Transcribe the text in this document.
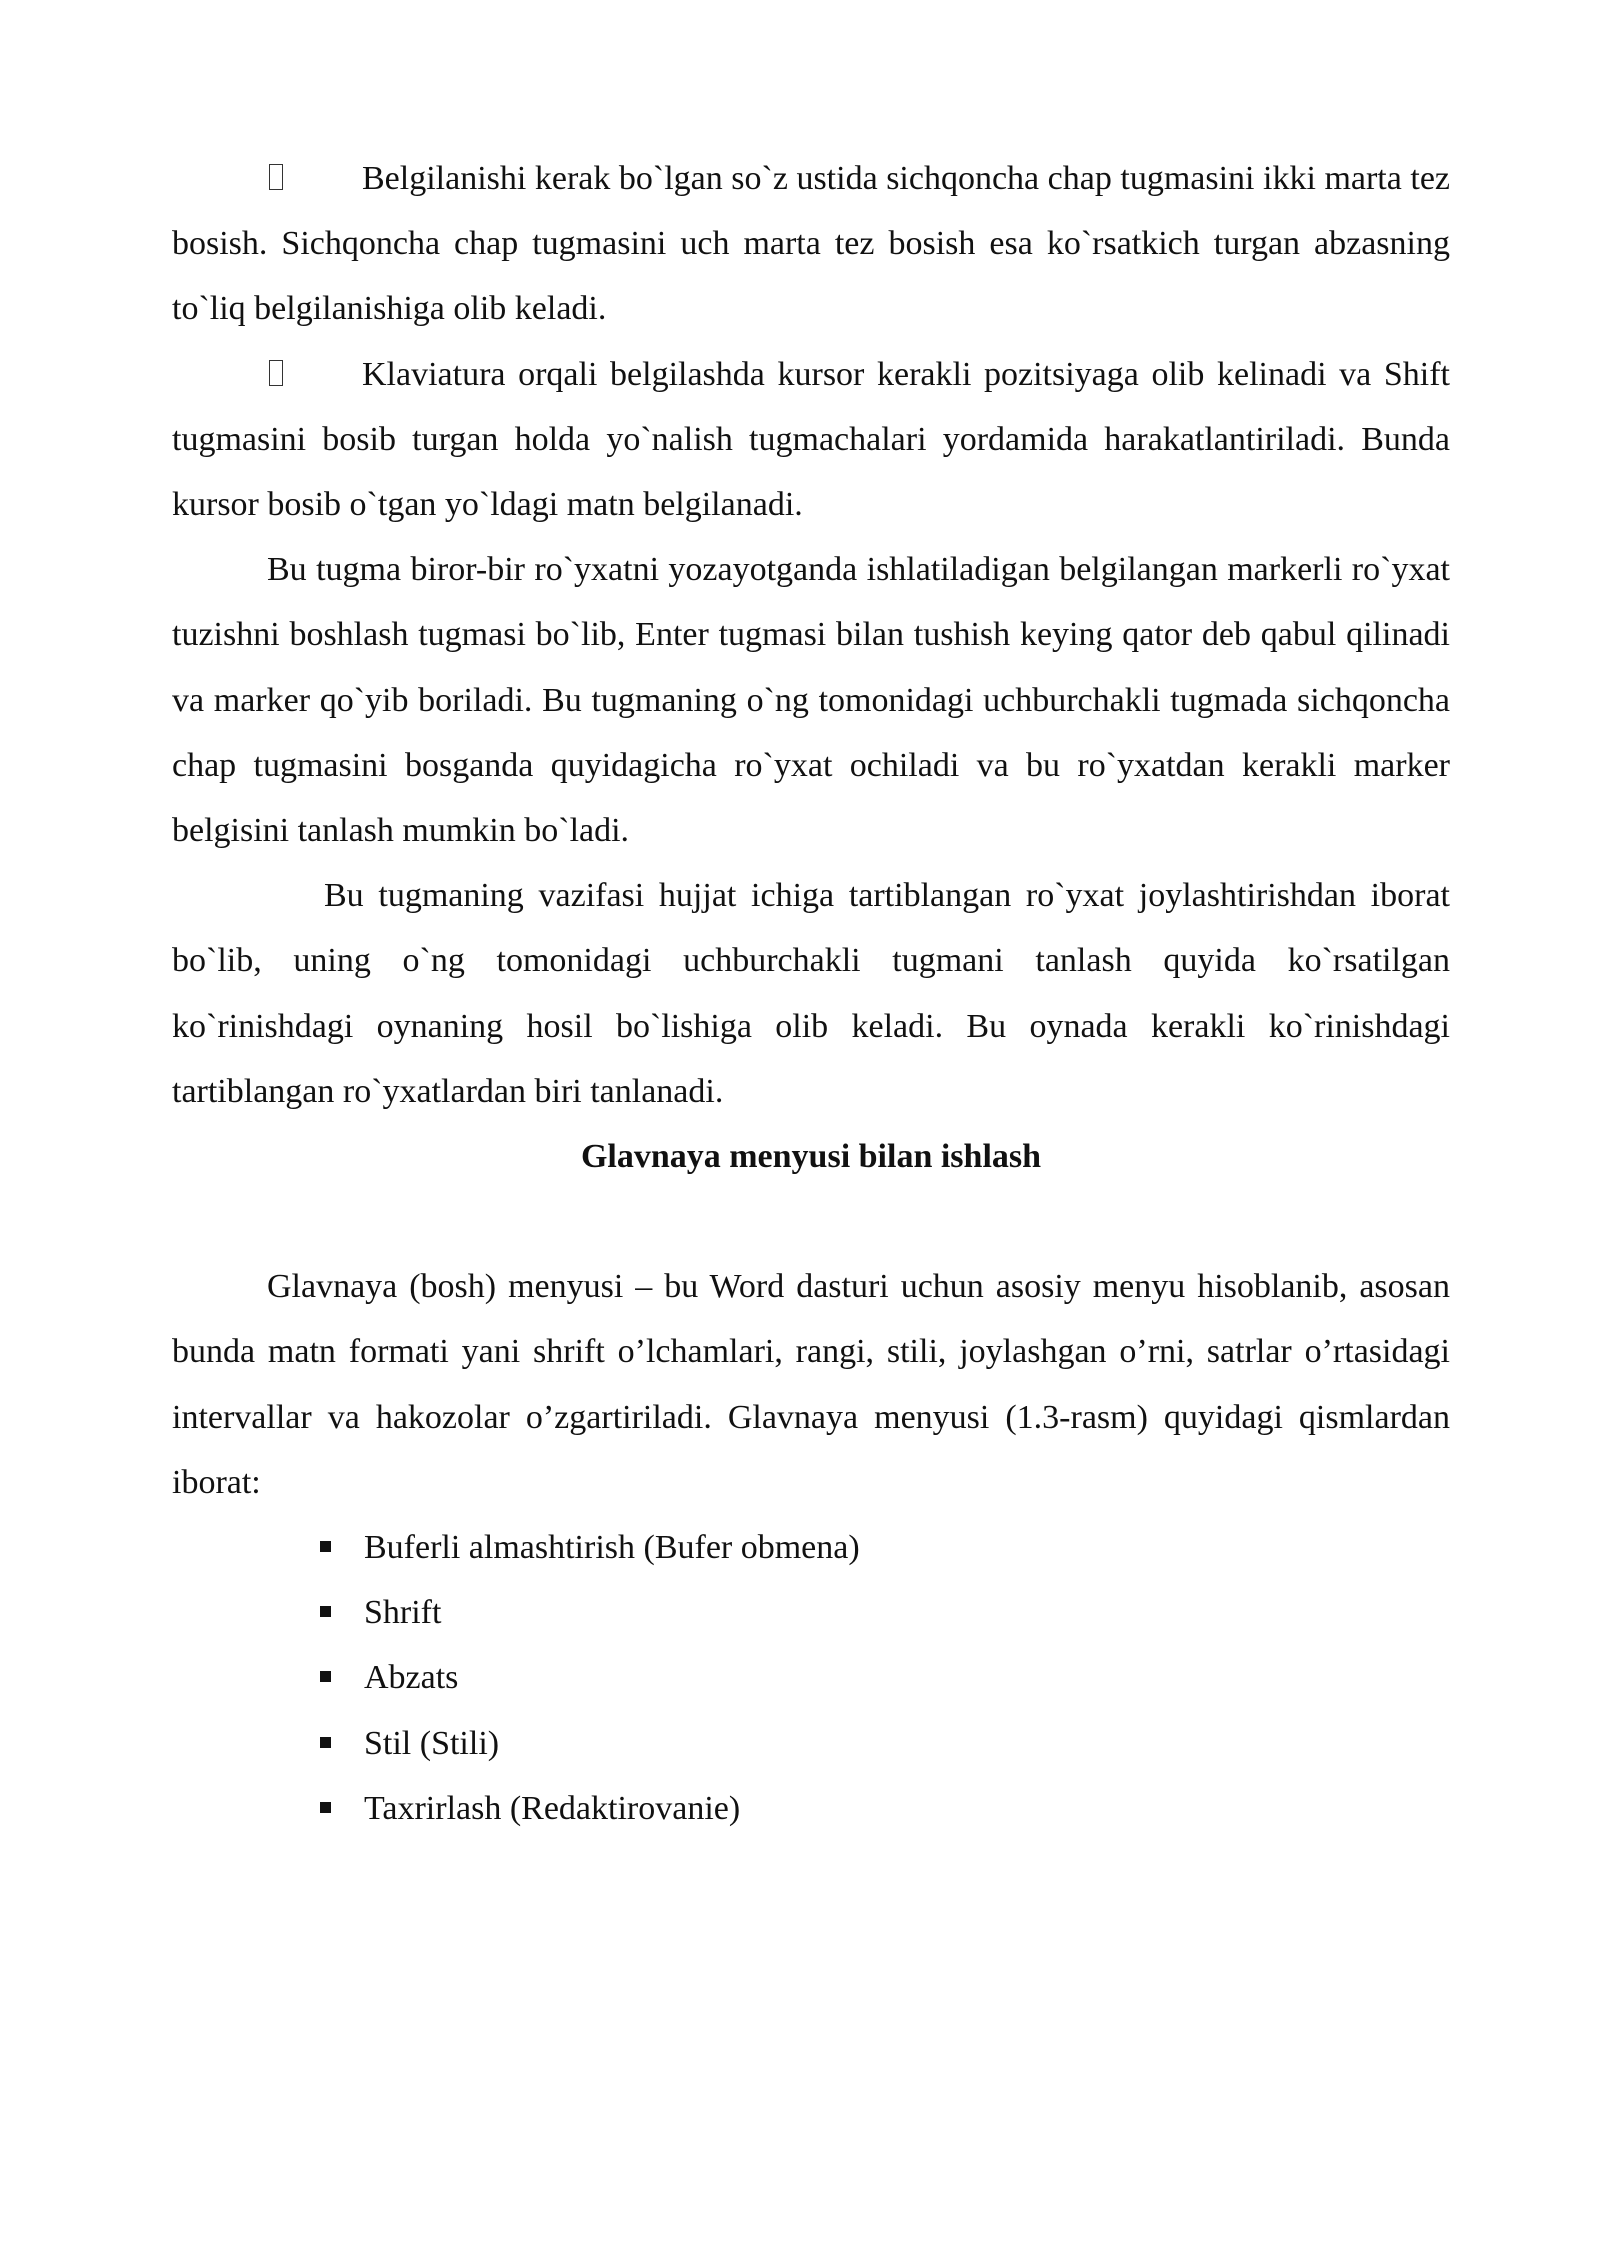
Belgilanishi kerak bo`lgan so`z ustida sichqoncha chap tugmasini ikki marta tez bosish. Sichqoncha chap tugmasini uch marta tez bosish esa ko`rsatkich turgan abzasning to`liq belgilanishiga olib keladi.

Klaviatura orqali belgilashda kursor kerakli pozitsiyaga olib kelinadi va Shift tugmasini bosib turgan holda yo`nalish tugmachalari yordamida harakatlantiriladi. Bunda kursor bosib o`tgan yo`ldagi matn belgilanadi.

Bu tugma biror-bir ro`yxatni yozayotganda ishlatiladigan belgilangan markerli ro`yxat tuzishni boshlash tugmasi bo`lib, Enter tugmasi bilan tushish keying qator deb qabul qilinadi va marker qo`yib boriladi. Bu tugmaning o`ng tomonidagi uchburchakli tugmada sichqoncha chap tugmasini bosganda quyidagicha ro`yxat ochiladi va bu ro`yxatdan kerakli marker belgisini tanlash mumkin bo`ladi.

Bu tugmaning vazifasi hujjat ichiga tartiblangan ro`yxat joylashtirishdan iborat bo`lib, uning o`ng tomonidagi uchburchakli tugmani tanlash quyida ko`rsatilgan ko`rinishdagi oynaning hosil bo`lishiga olib keladi. Bu oynada kerakli ko`rinishdagi tartiblangan ro`yxatlardan biri tanlanadi.

Glavnaya menyusi bilan ishlash

Glavnaya (bosh) menyusi – bu Word dasturi uchun asosiy menyu hisoblanib, asosan bunda matn formati yani shrift o’lchamlari, rangi, stili, joylashgan o’rni, satrlar o’rtasidagi intervallar va hakozolar o’zgartiriladi. Glavnaya menyusi (1.3-rasm) quyidagi qismlardan iborat:

Buferli almashtirish (Bufer obmena)
Shrift
Abzats
Stil (Stili)
Taxrirlash (Redaktirovanie)
